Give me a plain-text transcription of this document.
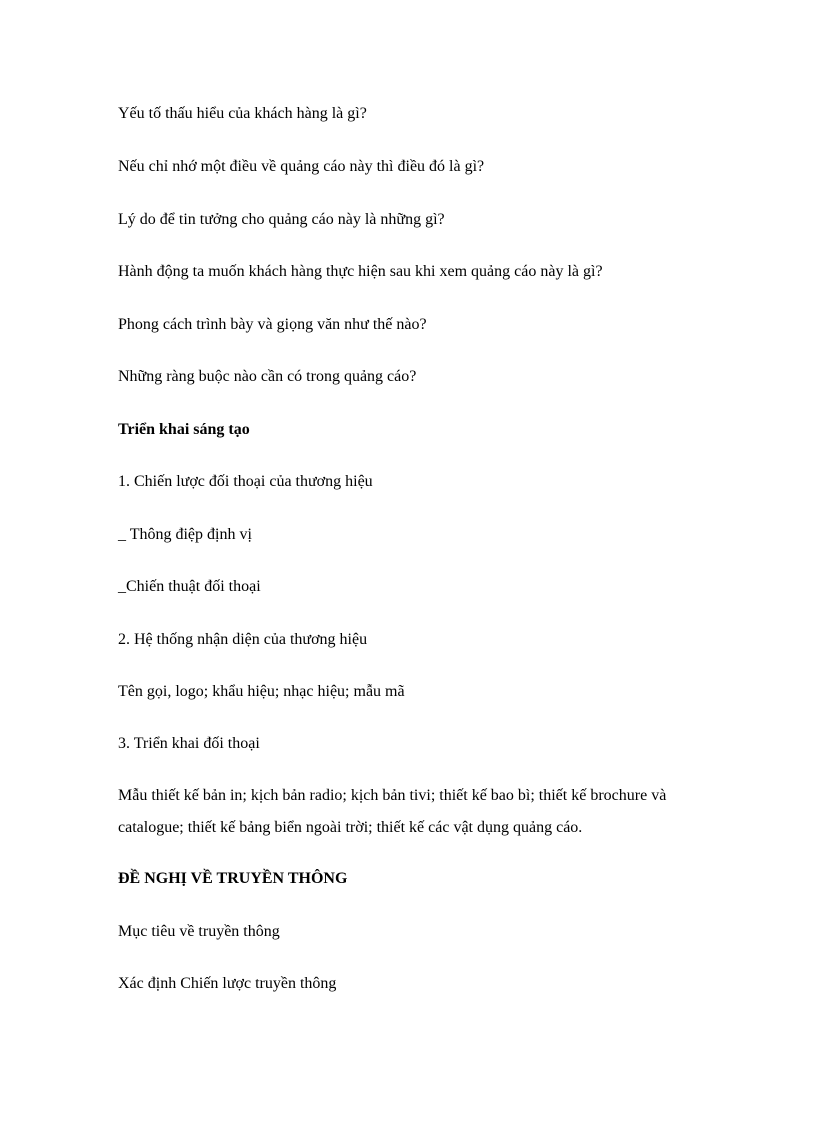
Yếu tố thấu hiểu của khách hàng là gì?

Nếu chỉ nhớ một điều về quảng cáo này thì điều đó là gì?

Lý do để tin tưởng cho quảng cáo này là những gì?

Hành động ta muốn khách hàng thực hiện sau khi xem quảng cáo này là gì?

Phong cách trình bày và giọng văn như thế nào?

Những ràng buộc nào cần có trong quảng cáo?

Triển khai sáng tạo

1. Chiến lược đối thoại của thương hiệu

_ Thông điệp định vị

_Chiến thuật đối thoại

2. Hệ thống nhận diện của thương hiệu

Tên gọi, logo; khẩu hiệu; nhạc hiệu; mẫu mã

3. Triển khai đối thoại

Mẫu thiết kế bản in; kịch bản radio; kịch bản tivi; thiết kế bao bì; thiết kế brochure và catalogue; thiết kế bảng biển ngoài trời; thiết kế các vật dụng quảng cáo.

ĐỀ NGHỊ VỀ TRUYỀN THÔNG

Mục tiêu về truyền thông

Xác định Chiến lược truyền thông
